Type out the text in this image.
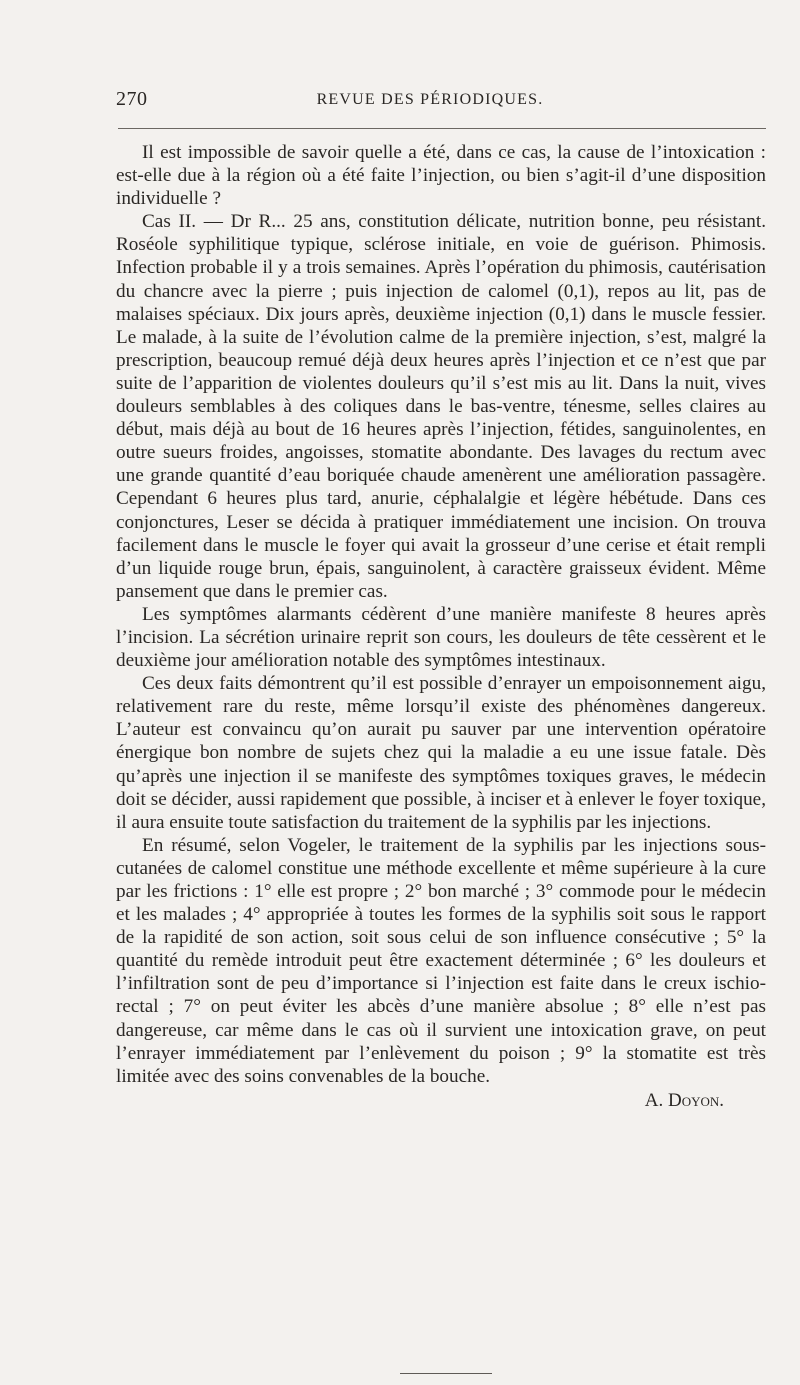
270	REVUE DES PÉRIODIQUES.

Il est impossible de savoir quelle a été, dans ce cas, la cause de l’intoxication : est-elle due à la région où a été faite l’injection, ou bien s’agit-il d’une disposition individuelle ?

Cas II. — Dr R... 25 ans, constitution délicate, nutrition bonne, peu résistant. Roséole syphilitique typique, sclérose initiale, en voie de guérison. Phimosis. Infection probable il y a trois semaines. Après l’opération du phimosis, cautérisation du chancre avec la pierre ; puis injection de calomel (0,1), repos au lit, pas de malaises spéciaux. Dix jours après, deuxième injection (0,1) dans le muscle fessier. Le malade, à la suite de l’évolution calme de la première injection, s’est, malgré la prescription, beaucoup remué déjà deux heures après l’injection et ce n’est que par suite de l’apparition de violentes douleurs qu’il s’est mis au lit. Dans la nuit, vives douleurs semblables à des coliques dans le bas-ventre, ténesme, selles claires au début, mais déjà au bout de 16 heures après l’injection, fétides, sanguinolentes, en outre sueurs froides, angoisses, stomatite abondante. Des lavages du rectum avec une grande quantité d’eau boriquée chaude amenèrent une amélioration passagère. Cependant 6 heures plus tard, anurie, céphalalgie et légère hébétude. Dans ces conjonctures, Leser se décida à pratiquer immédiatement une incision. On trouva facilement dans le muscle le foyer qui avait la grosseur d’une cerise et était rempli d’un liquide rouge brun, épais, sanguinolent, à caractère graisseux évident. Même pansement que dans le premier cas.

Les symptômes alarmants cédèrent d’une manière manifeste 8 heures après l’incision. La sécrétion urinaire reprit son cours, les douleurs de tête cessèrent et le deuxième jour amélioration notable des symptômes intestinaux.

Ces deux faits démontrent qu’il est possible d’enrayer un empoisonnement aigu, relativement rare du reste, même lorsqu’il existe des phénomènes dangereux. L’auteur est convaincu qu’on aurait pu sauver par une intervention opératoire énergique bon nombre de sujets chez qui la maladie a eu une issue fatale. Dès qu’après une injection il se manifeste des symptômes toxiques graves, le médecin doit se décider, aussi rapidement que possible, à inciser et à enlever le foyer toxique, il aura ensuite toute satisfaction du traitement de la syphilis par les injections.

En résumé, selon Vogeler, le traitement de la syphilis par les injections sous-cutanées de calomel constitue une méthode excellente et même supérieure à la cure par les frictions : 1° elle est propre ; 2° bon marché ; 3° commode pour le médecin et les malades ; 4° appropriée à toutes les formes de la syphilis soit sous le rapport de la rapidité de son action, soit sous celui de son influence consécutive ; 5° la quantité du remède introduit peut être exactement déterminée ; 6° les douleurs et l’infiltration sont de peu d’importance si l’injection est faite dans le creux ischio-rectal ; 7° on peut éviter les abcès d’une manière absolue ; 8° elle n’est pas dangereuse, car même dans le cas où il survient une intoxication grave, on peut l’enrayer immédiatement par l’enlèvement du poison ; 9° la stomatite est très limitée avec des soins convenables de la bouche.

A. Doyon.
